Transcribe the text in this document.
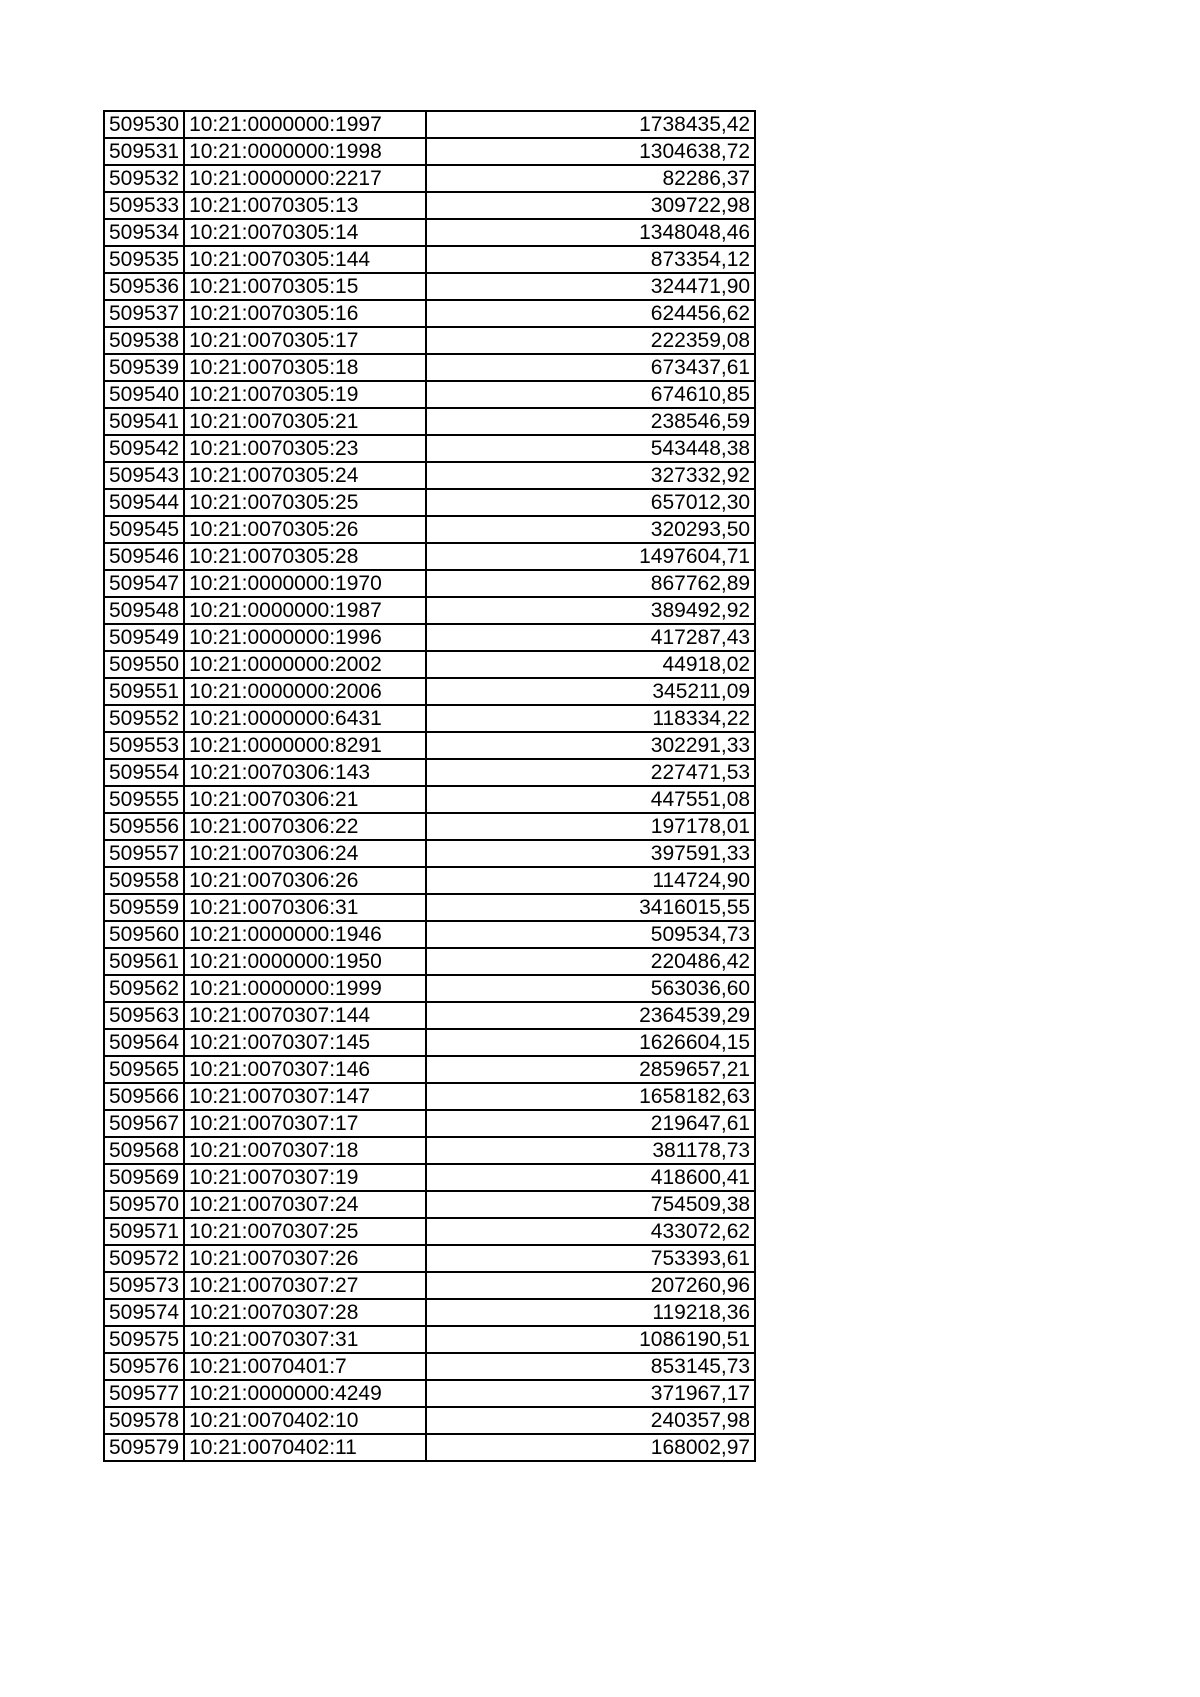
509530	10:21:0000000:1997	1738435,42
509531	10:21:0000000:1998	1304638,72
509532	10:21:0000000:2217	82286,37
509533	10:21:0070305:13	309722,98
509534	10:21:0070305:14	1348048,46
509535	10:21:0070305:144	873354,12
509536	10:21:0070305:15	324471,90
509537	10:21:0070305:16	624456,62
509538	10:21:0070305:17	222359,08
509539	10:21:0070305:18	673437,61
509540	10:21:0070305:19	674610,85
509541	10:21:0070305:21	238546,59
509542	10:21:0070305:23	543448,38
509543	10:21:0070305:24	327332,92
509544	10:21:0070305:25	657012,30
509545	10:21:0070305:26	320293,50
509546	10:21:0070305:28	1497604,71
509547	10:21:0000000:1970	867762,89
509548	10:21:0000000:1987	389492,92
509549	10:21:0000000:1996	417287,43
509550	10:21:0000000:2002	44918,02
509551	10:21:0000000:2006	345211,09
509552	10:21:0000000:6431	118334,22
509553	10:21:0000000:8291	302291,33
509554	10:21:0070306:143	227471,53
509555	10:21:0070306:21	447551,08
509556	10:21:0070306:22	197178,01
509557	10:21:0070306:24	397591,33
509558	10:21:0070306:26	114724,90
509559	10:21:0070306:31	3416015,55
509560	10:21:0000000:1946	509534,73
509561	10:21:0000000:1950	220486,42
509562	10:21:0000000:1999	563036,60
509563	10:21:0070307:144	2364539,29
509564	10:21:0070307:145	1626604,15
509565	10:21:0070307:146	2859657,21
509566	10:21:0070307:147	1658182,63
509567	10:21:0070307:17	219647,61
509568	10:21:0070307:18	381178,73
509569	10:21:0070307:19	418600,41
509570	10:21:0070307:24	754509,38
509571	10:21:0070307:25	433072,62
509572	10:21:0070307:26	753393,61
509573	10:21:0070307:27	207260,96
509574	10:21:0070307:28	119218,36
509575	10:21:0070307:31	1086190,51
509576	10:21:0070401:7	853145,73
509577	10:21:0000000:4249	371967,17
509578	10:21:0070402:10	240357,98
509579	10:21:0070402:11	168002,97
